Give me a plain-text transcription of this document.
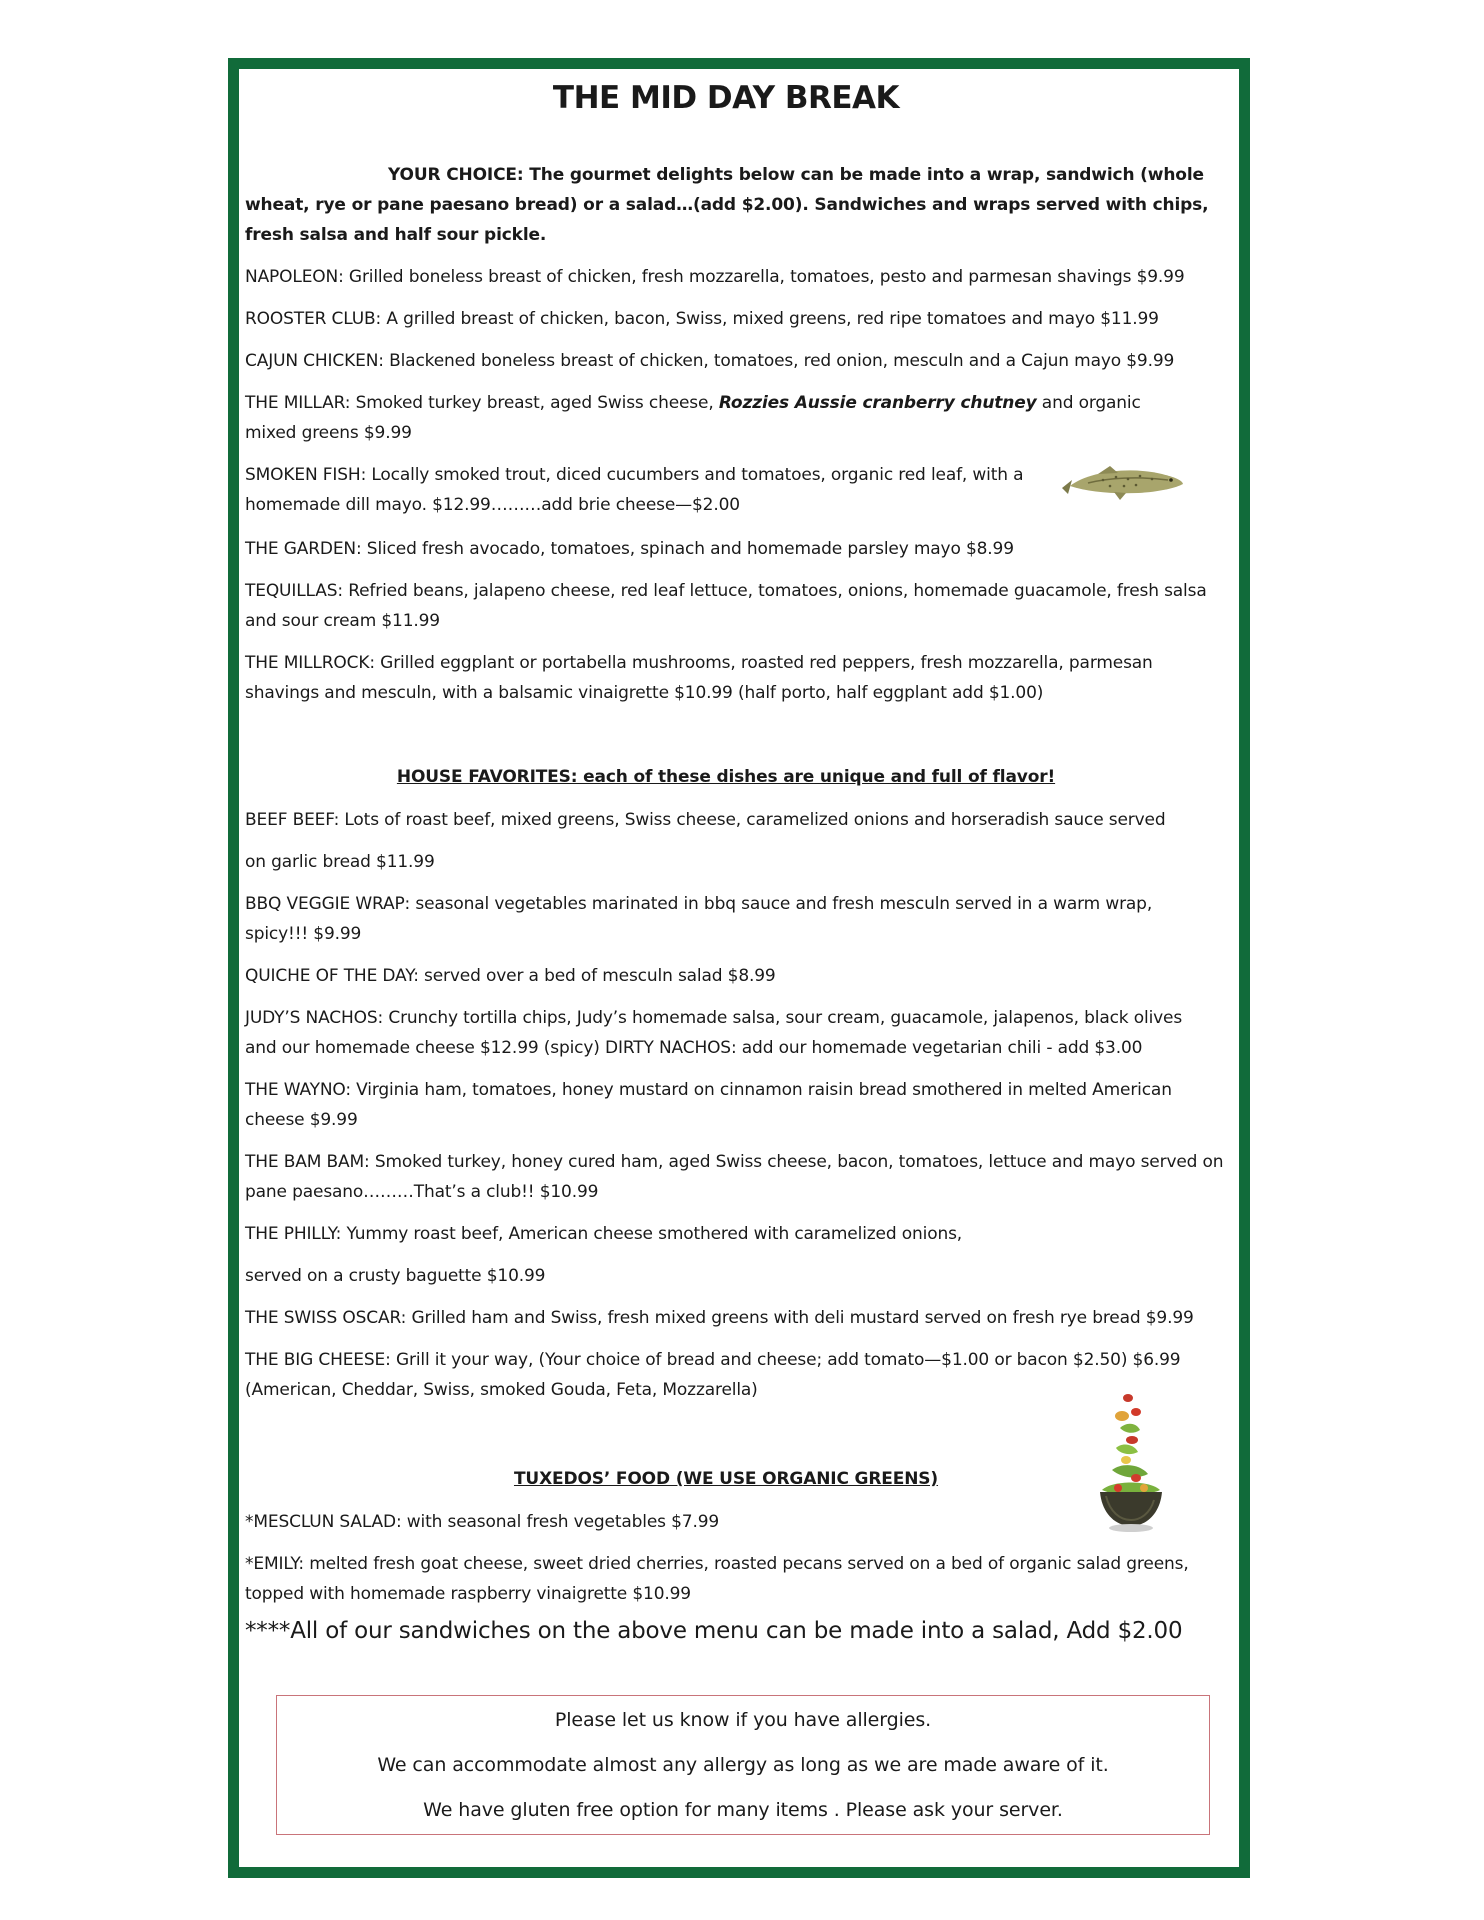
THE MID DAY BREAK
YOUR CHOICE: The gourmet delights below can be made into a wrap, sandwich (whole wheat, rye or pane paesano bread) or a salad…(add $2.00). Sandwiches and wraps served with chips, fresh salsa and half sour pickle.
NAPOLEON: Grilled boneless breast of chicken, fresh mozzarella, tomatoes, pesto and parmesan shavings $9.99
ROOSTER CLUB: A grilled breast of chicken, bacon, Swiss, mixed greens, red ripe tomatoes and mayo $11.99
CAJUN CHICKEN: Blackened boneless breast of chicken, tomatoes, red onion, mesculn and a Cajun mayo $9.99
THE MILLAR: Smoked turkey breast, aged Swiss cheese, Rozzies Aussie cranberry chutney and organic mixed greens $9.99
SMOKEN FISH: Locally smoked trout, diced cucumbers and tomatoes, organic red leaf, with a
homemade dill mayo. $12.99………add brie cheese—$2.00
THE GARDEN: Sliced fresh avocado, tomatoes, spinach and homemade parsley mayo $8.99
TEQUILLAS: Refried beans, jalapeno cheese, red leaf lettuce, tomatoes, onions, homemade guacamole, fresh salsa and sour cream $11.99
THE MILLROCK: Grilled eggplant or portabella mushrooms, roasted red peppers, fresh mozzarella, parmesan shavings and mesculn, with a balsamic vinaigrette $10.99 (half porto, half eggplant add $1.00)
HOUSE FAVORITES: each of these dishes are unique and full of flavor!
BEEF BEEF: Lots of roast beef, mixed greens, Swiss cheese, caramelized onions and horseradish sauce served
on garlic bread $11.99
BBQ VEGGIE WRAP: seasonal vegetables marinated in bbq sauce and fresh mesculn served in a warm wrap, spicy!!! $9.99
QUICHE OF THE DAY: served over a bed of mesculn salad $8.99
JUDY’S NACHOS: Crunchy tortilla chips, Judy’s homemade salsa, sour cream, guacamole, jalapenos, black olives
and our homemade cheese $12.99 (spicy) DIRTY NACHOS: add our homemade vegetarian chili - add $3.00
THE WAYNO: Virginia ham, tomatoes, honey mustard on cinnamon raisin bread smothered in melted American cheese $9.99
THE BAM BAM: Smoked turkey, honey cured ham, aged Swiss cheese, bacon, tomatoes, lettuce and mayo served on pane paesano………That’s a club!! $10.99
THE PHILLY: Yummy roast beef, American cheese smothered with caramelized onions,
served on a crusty baguette $10.99
THE SWISS OSCAR: Grilled ham and Swiss, fresh mixed greens with deli mustard served on fresh rye bread $9.99
THE BIG CHEESE: Grill it your way, (Your choice of bread and cheese; add tomato—$1.00 or bacon $2.50) $6.99
(American, Cheddar, Swiss, smoked Gouda, Feta, Mozzarella)
TUXEDOS’ FOOD (WE USE ORGANIC GREENS)
*MESCLUN SALAD: with seasonal fresh vegetables $7.99
*EMILY: melted fresh goat cheese, sweet dried cherries, roasted pecans served on a bed of organic salad greens, topped with homemade raspberry vinaigrette $10.99
****All of our sandwiches on the above menu can be made into a salad, Add $2.00
Please let us know if you have allergies.
We can accommodate almost any allergy as long as we are made aware of it.
We have gluten free option for many items . Please ask your server.
